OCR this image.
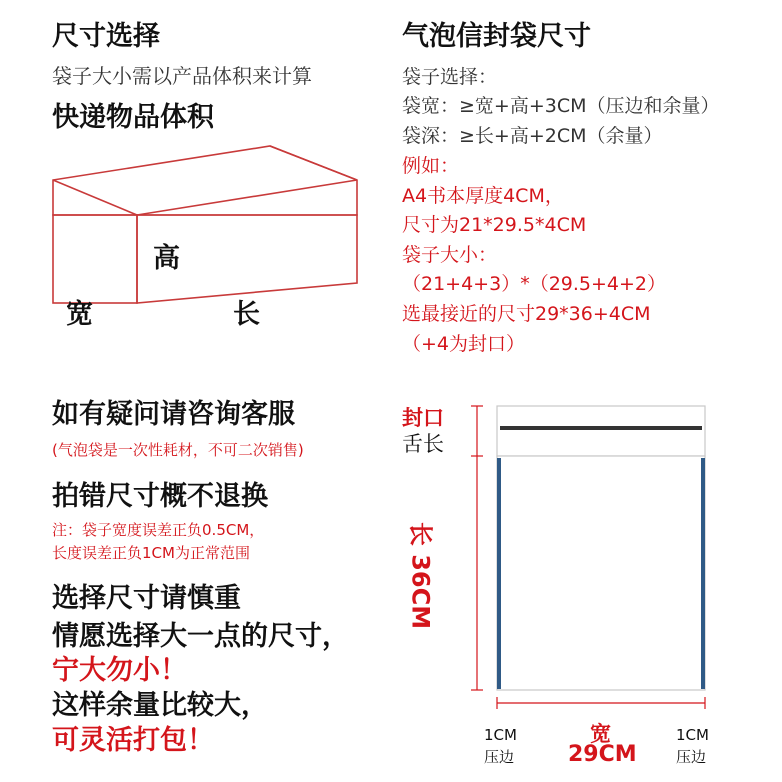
尺寸选择
袋子大小需以产品体积来计算
快递物品体积
高
宽	长
气泡信封袋尺寸
袋子选择：
袋宽：≥宽+高+3CM（压边和余量）
袋深：≥长+高+2CM（余量）
例如：
A4书本厚度4CM，
尺寸为21*29.5*4CM
袋子大小：
（21+4+3）*（29.5+4+2）
选最接近的尺寸29*36+4CM
（+4为封口）
如有疑问请咨询客服
(气泡袋是一次性耗材，不可二次销售)
拍错尺寸概不退换
注：袋子宽度误差正负0.5CM，
长度误差正负1CM为正常范围
选择尺寸请慎重
情愿选择大一点的尺寸，
宁大勿小！
这样余量比较大，
可灵活打包！
封口
舌长
长 36CM
宽
29CM
1CM
压边
1CM
压边
